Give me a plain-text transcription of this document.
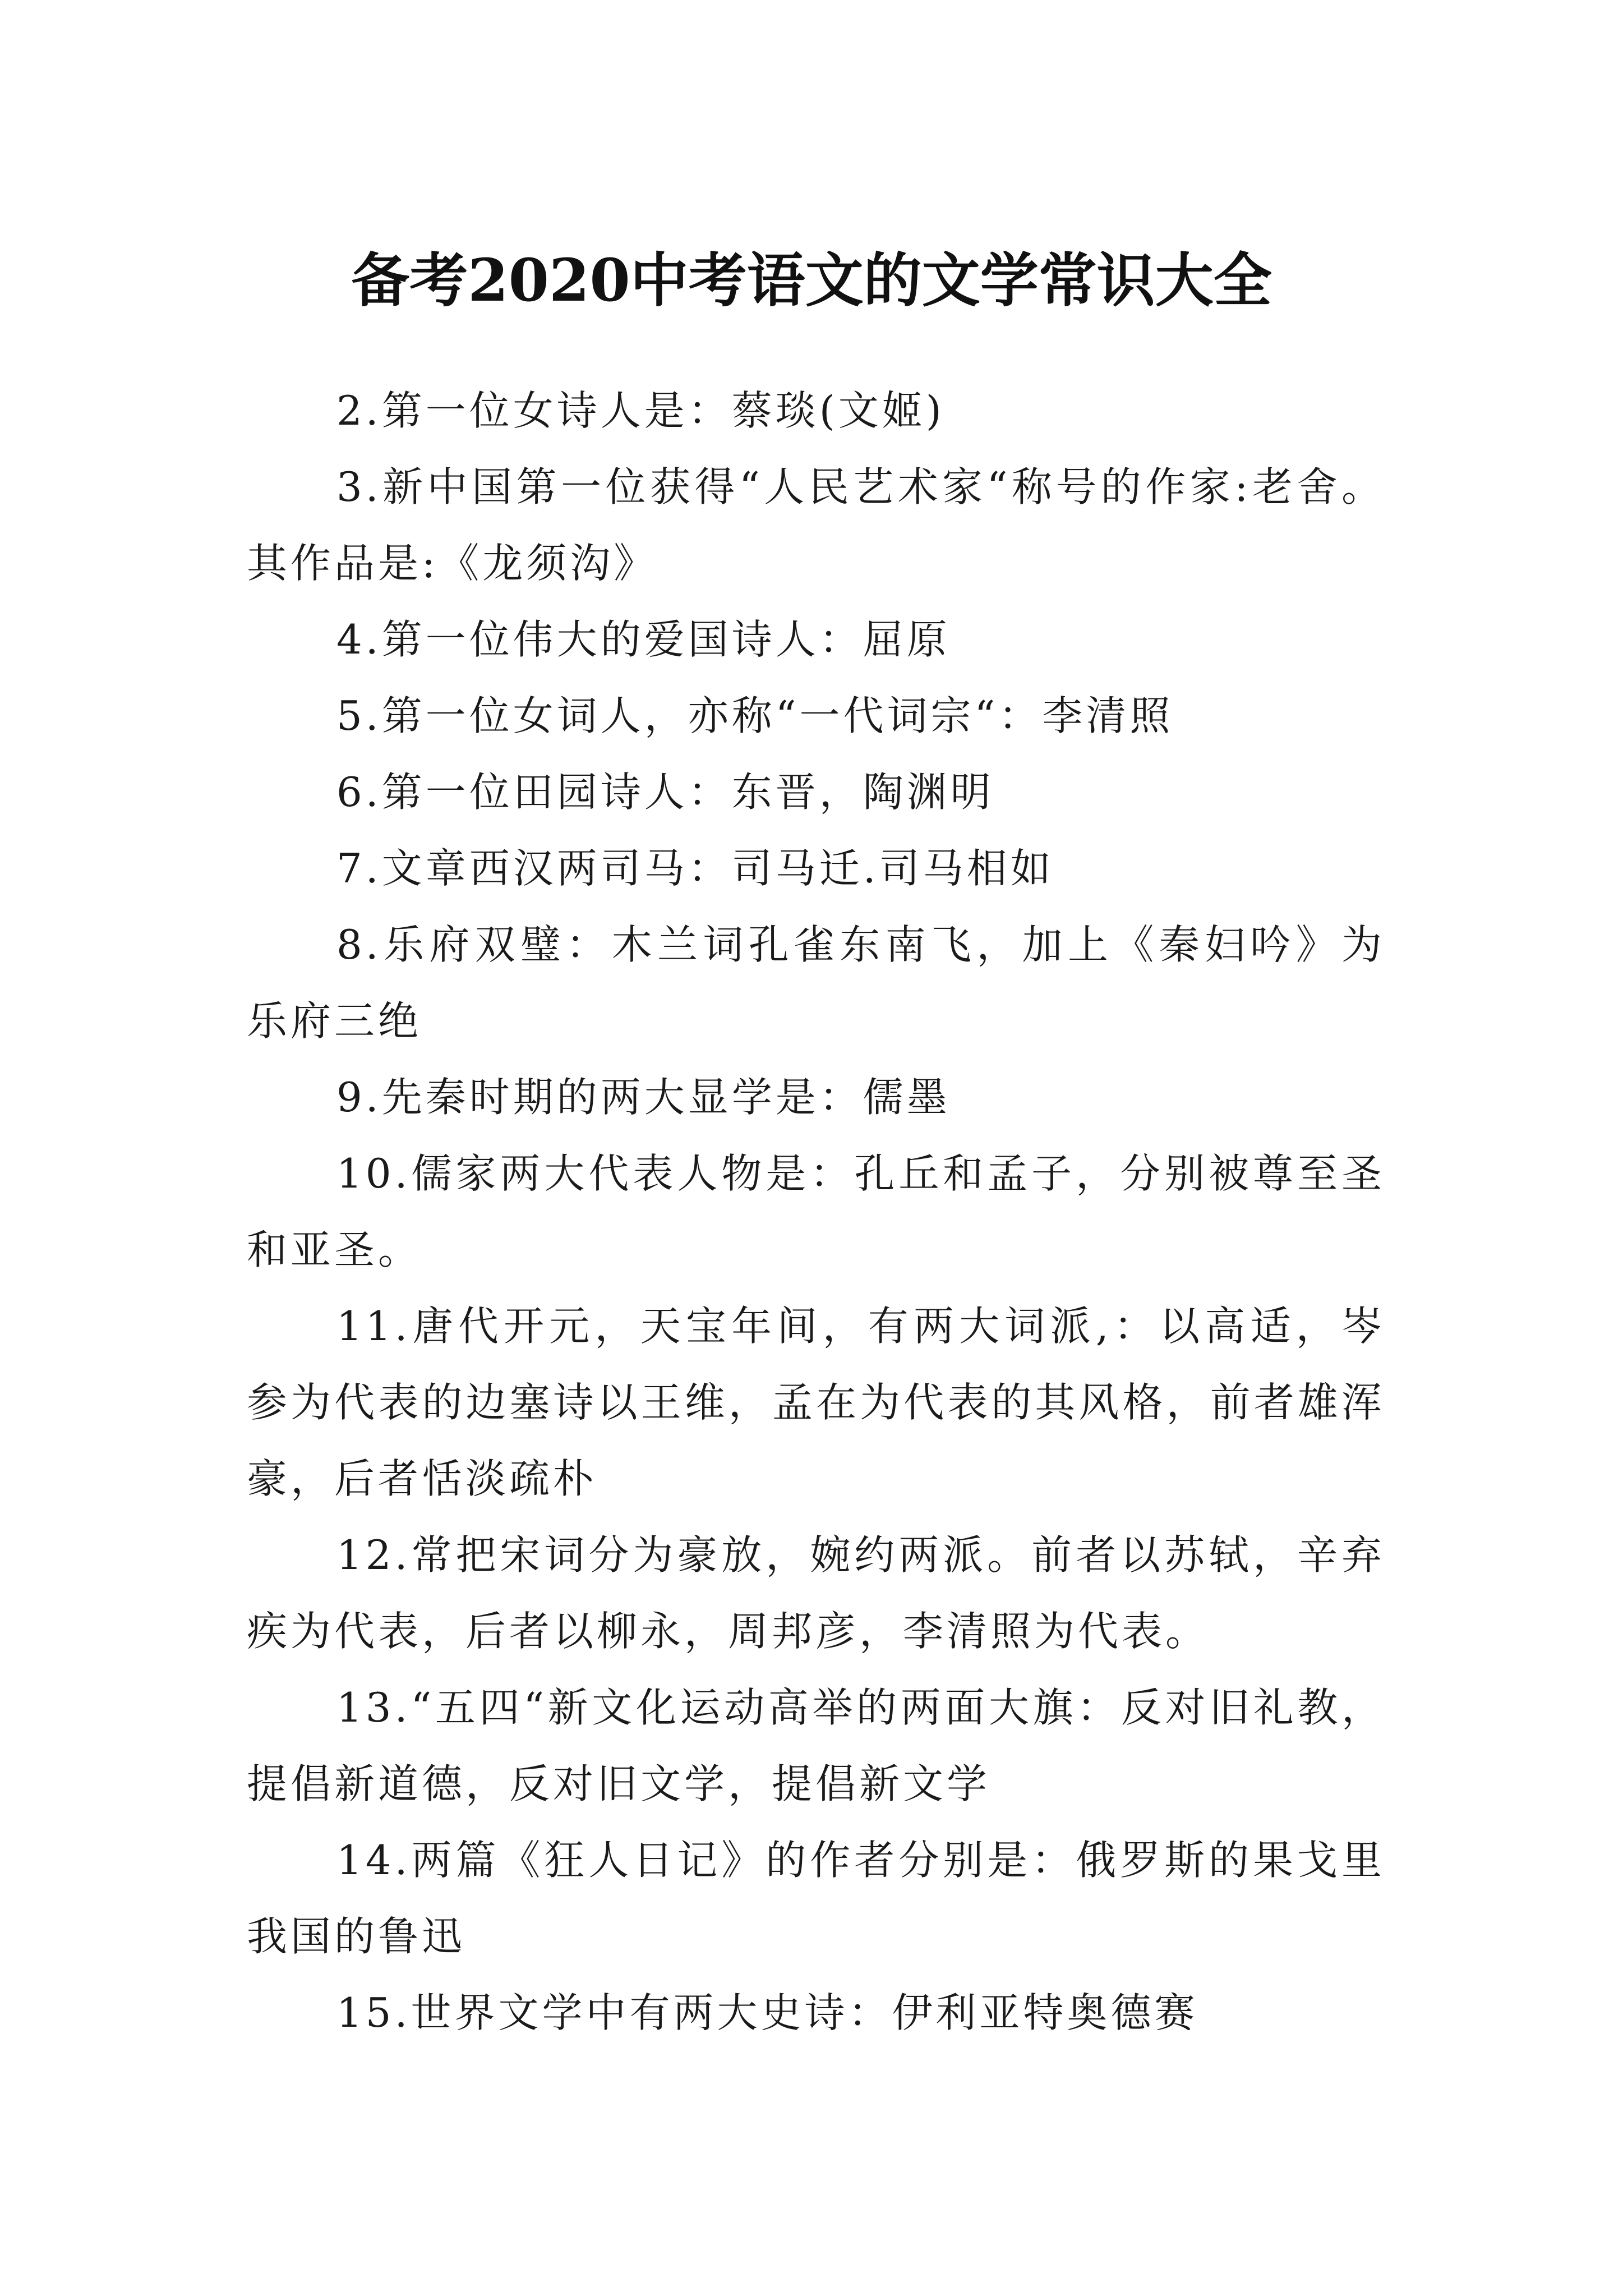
备考2020中考语文的文学常识大全

2.第一位女诗人是：蔡琰(文姬)

3.新中国第一位获得“人民艺术家“称号的作家:老舍。其作品是:《龙须沟》

4.第一位伟大的爱国诗人：屈原

5.第一位女词人，亦称“一代词宗“：李清照

6.第一位田园诗人：东晋，陶渊明

7.文章西汉两司马：司马迁.司马相如

8.乐府双璧：木兰词孔雀东南飞，加上《秦妇吟》为乐府三绝

9.先秦时期的两大显学是：儒墨

10.儒家两大代表人物是：孔丘和孟子，分别被尊至圣和亚圣。

11.唐代开元，天宝年间，有两大词派,：以高适，岑参为代表的边塞诗以王维，孟在为代表的其风格，前者雄浑豪，后者恬淡疏朴

12.常把宋词分为豪放，婉约两派。前者以苏轼，辛弃疾为代表，后者以柳永，周邦彦，李清照为代表。

13.“五四“新文化运动高举的两面大旗：反对旧礼教，提倡新道德，反对旧文学，提倡新文学

14.两篇《狂人日记》的作者分别是：俄罗斯的果戈里我国的鲁迅

15.世界文学中有两大史诗：伊利亚特奥德赛
